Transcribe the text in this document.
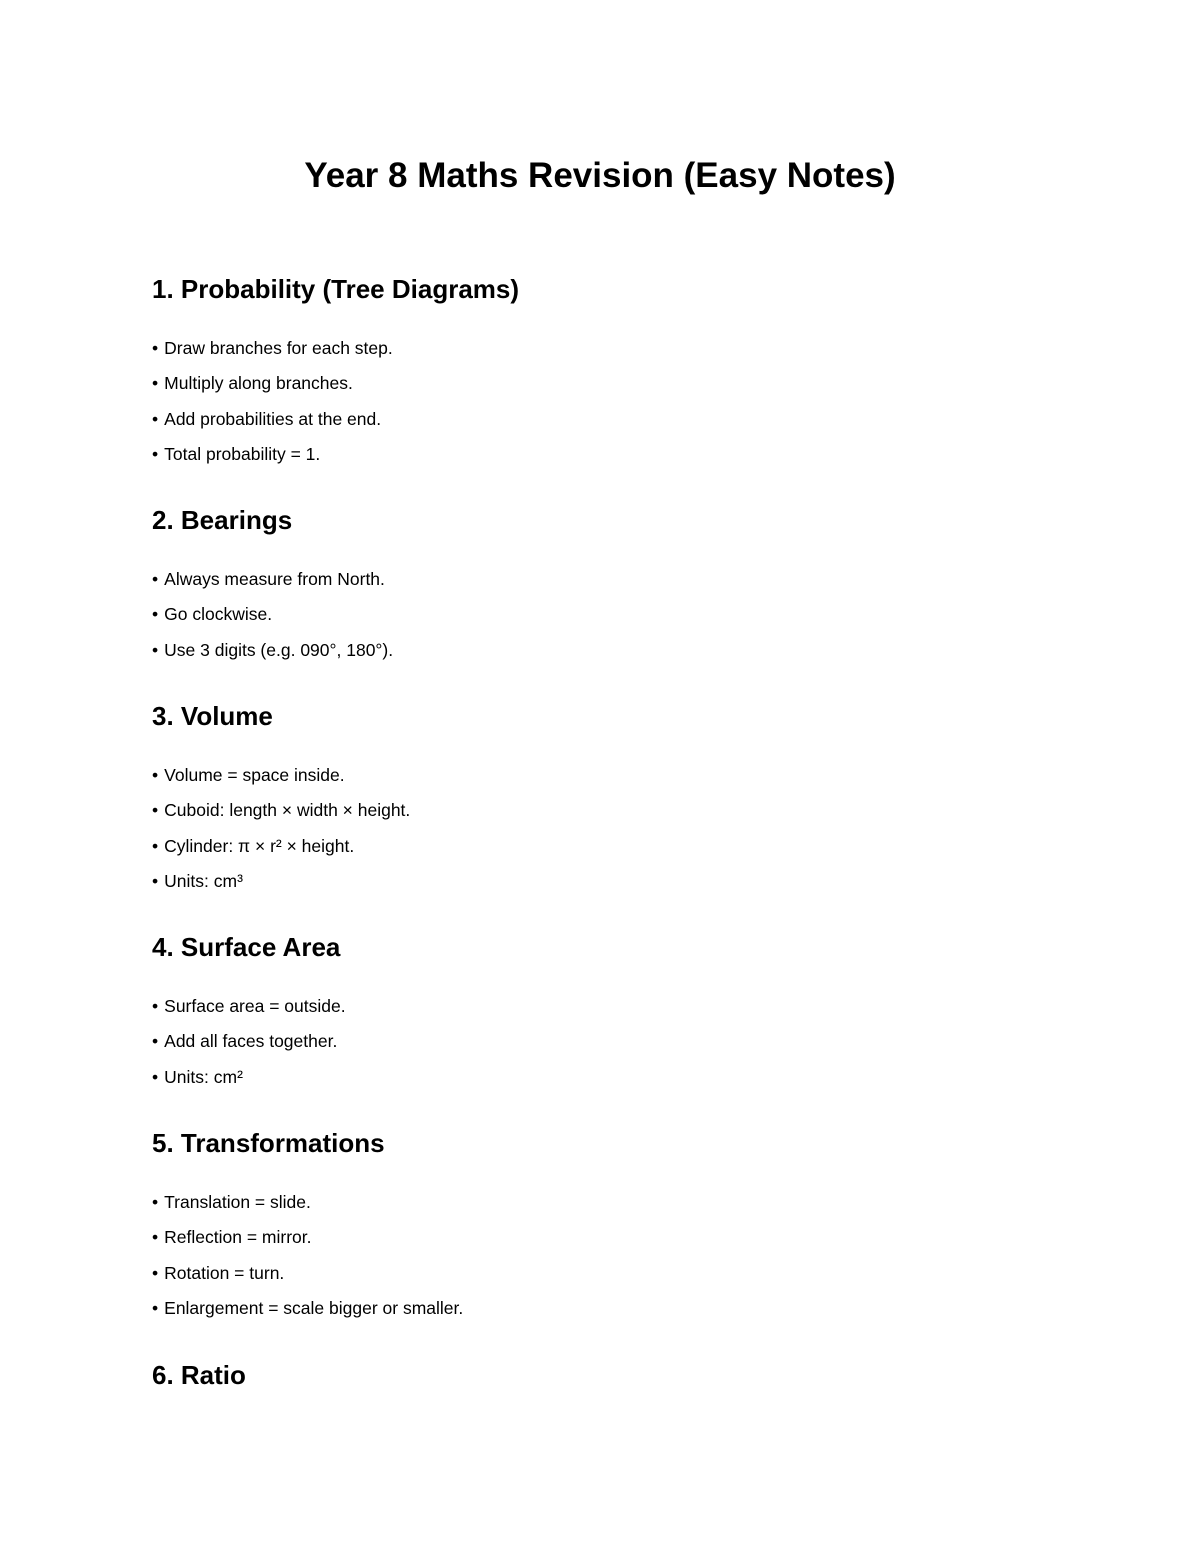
Year 8 Maths Revision (Easy Notes)
1. Probability (Tree Diagrams)
• Draw branches for each step.
• Multiply along branches.
• Add probabilities at the end.
• Total probability = 1.
2. Bearings
• Always measure from North.
• Go clockwise.
• Use 3 digits (e.g. 090°, 180°).
3. Volume
• Volume = space inside.
• Cuboid: length × width × height.
• Cylinder: π × r² × height.
• Units: cm³
4. Surface Area
• Surface area = outside.
• Add all faces together.
• Units: cm²
5. Transformations
• Translation = slide.
• Reflection = mirror.
• Rotation = turn.
• Enlargement = scale bigger or smaller.
6. Ratio
